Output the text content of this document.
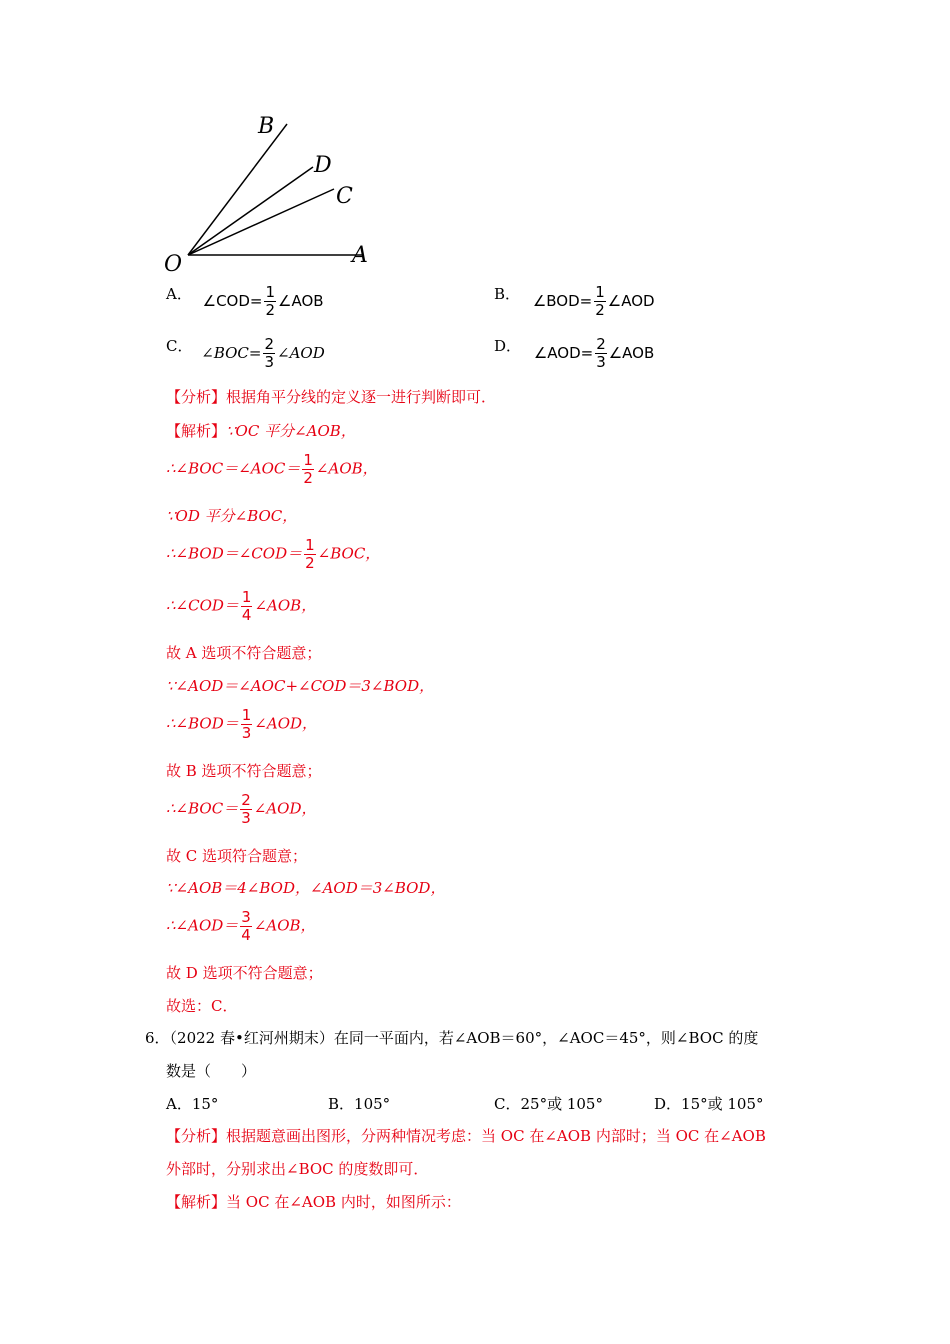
B
D
C
O	A
A． ∠COD= $\frac{1}{2}$ ∠AOB	B． ∠BOD= $\frac{1}{2}$ ∠AOD
C． ∠BOC= $\frac{2}{3}$ ∠AOD	D． ∠AOD= $\frac{2}{3}$ ∠AOB
【分析】根据角平分线的定义逐一进行判断即可．
【解析】∵OC 平分∠AOB，
∴∠BOC＝∠AOC＝ $\frac{1}{2}$ ∠AOB，
∵OD 平分∠BOC，
∴∠BOD＝∠COD＝ $\frac{1}{2}$ ∠BOC，
∴∠COD＝ $\frac{1}{4}$ ∠AOB，
故 A 选项不符合题意；
∵∠AOD＝∠AOC+∠COD＝3∠BOD，
∴∠BOD＝ $\frac{1}{3}$ ∠AOD，
故 B 选项不符合题意；
∴∠BOC＝ $\frac{2}{3}$ ∠AOD，
故 C 选项符合题意；
∵∠AOB＝4∠BOD，∠AOD＝3∠BOD，
∴∠AOD＝ $\frac{3}{4}$ ∠AOB，
故 D 选项不符合题意；
故选：C．
6．（2022 春•红河州期末）在同一平面内，若∠AOB＝60°，∠AOC＝45°，则∠BOC 的度
数是（　　）
A．15°	B．105°	C．25°或 105°	D．15°或 105°
【分析】根据题意画出图形，分两种情况考虑：当 OC 在∠AOB 内部时；当 OC 在∠AOB
外部时，分别求出∠BOC 的度数即可．
【解析】当 OC 在∠AOB 内时，如图所示：
